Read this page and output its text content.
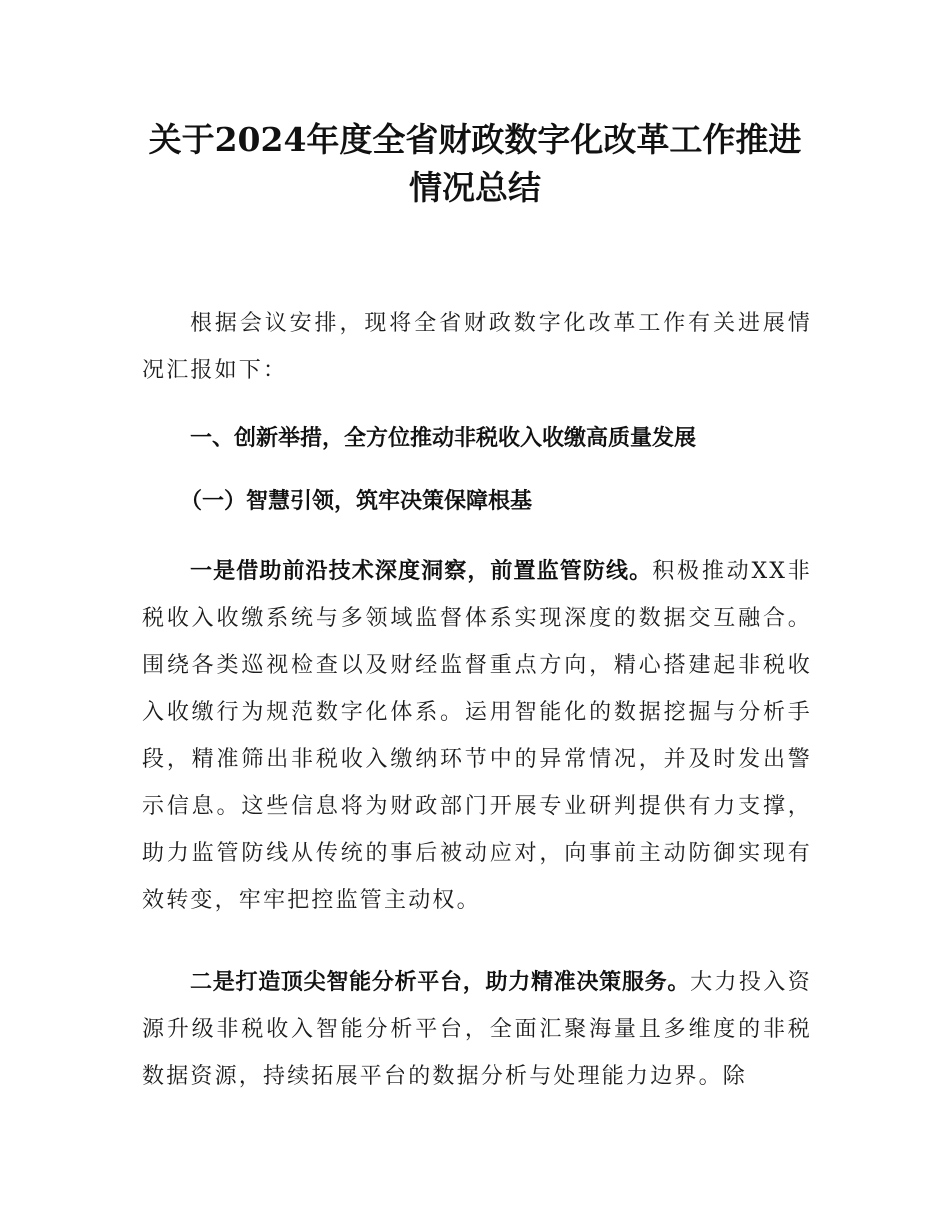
关于2024年度全省财政数字化改革工作推进
情况总结

根据会议安排，现将全省财政数字化改革工作有关进展情况汇报如下：

一、创新举措，全方位推动非税收入收缴高质量发展
（一）智慧引领，筑牢决策保障根基

一是借助前沿技术深度洞察，前置监管防线。积极推动XX非税收入收缴系统与多领域监督体系实现深度的数据交互融合。围绕各类巡视检查以及财经监督重点方向，精心搭建起非税收入收缴行为规范数字化体系。运用智能化的数据挖掘与分析手段，精准筛出非税收入缴纳环节中的异常情况，并及时发出警示信息。这些信息将为财政部门开展专业研判提供有力支撑，助力监管防线从传统的事后被动应对，向事前主动防御实现有效转变，牢牢把控监管主动权。

二是打造顶尖智能分析平台，助力精准决策服务。大力投入资源升级非税收入智能分析平台，全面汇聚海量且多维度的非税数据资源，持续拓展平台的数据分析与处理能力边界。除
